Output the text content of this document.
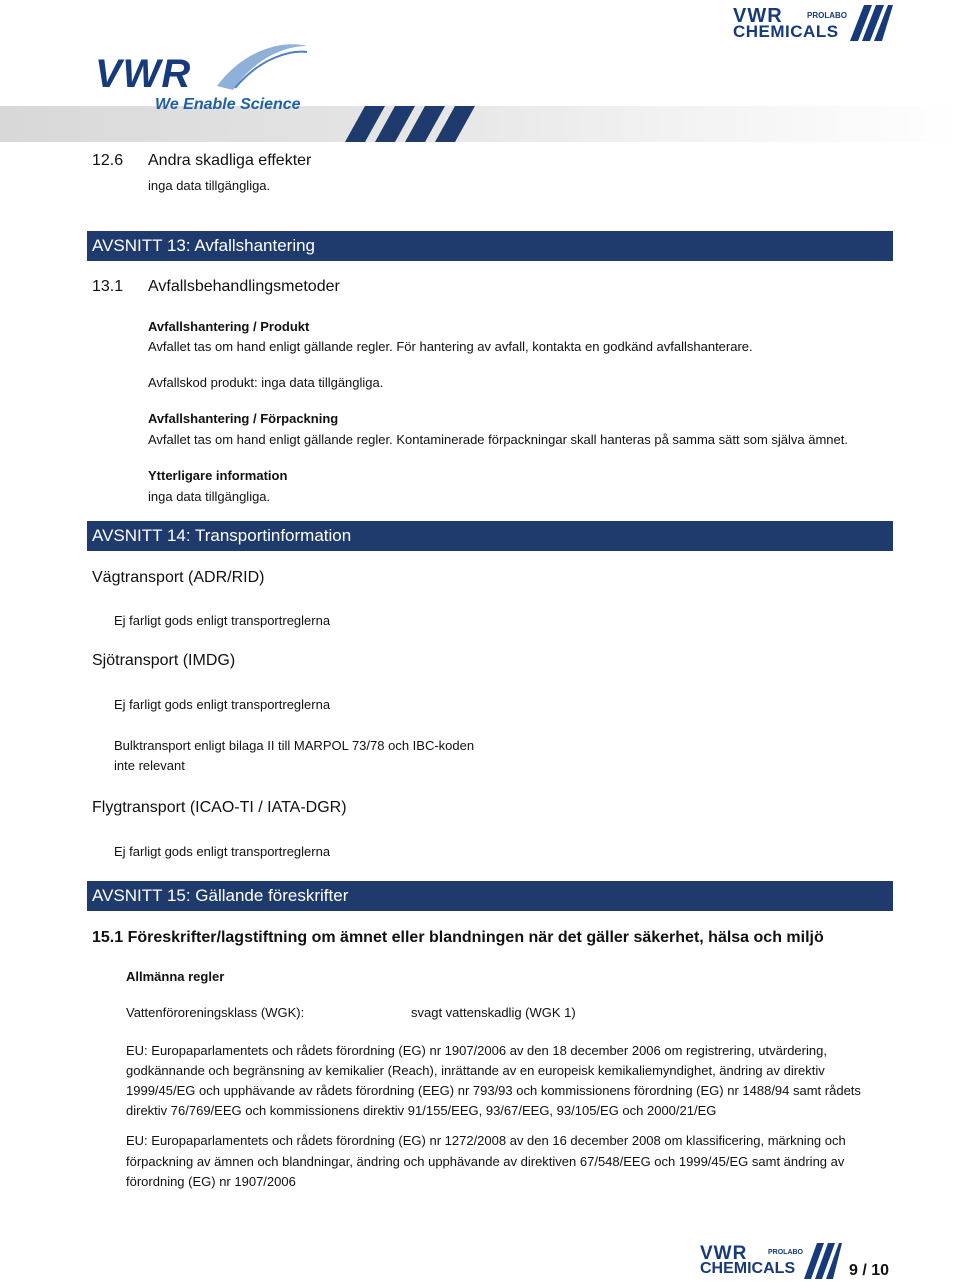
VWR
We Enable Science
VWR	PROLABO
CHEMICALS
12.6 Andra skadliga effekter
inga data tillgängliga.
AVSNITT 13: Avfallshantering
13.1 Avfallsbehandlingsmetoder
Avfallshantering / Produkt
Avfallet tas om hand enligt gällande regler. För hantering av avfall, kontakta en godkänd avfallshanterare.
Avfallskod produkt: inga data tillgängliga.
Avfallshantering / Förpackning
Avfallet tas om hand enligt gällande regler. Kontaminerade förpackningar skall hanteras på samma sätt som själva ämnet.
Ytterligare information
inga data tillgängliga.
AVSNITT 14: Transportinformation
Vägtransport (ADR/RID)
Ej farligt gods enligt transportreglerna
Sjötransport (IMDG)
Ej farligt gods enligt transportreglerna
Bulktransport enligt bilaga II till MARPOL 73/78 och IBC-koden
inte relevant
Flygtransport (ICAO-TI / IATA-DGR)
Ej farligt gods enligt transportreglerna
AVSNITT 15: Gällande föreskrifter
15.1 Föreskrifter/lagstiftning om ämnet eller blandningen när det gäller säkerhet, hälsa och miljö
Allmänna regler
Vattenföroreningsklass (WGK):	svagt vattenskadlig (WGK 1)
EU: Europaparlamentets och rådets förordning (EG) nr 1907/2006 av den 18 december 2006 om registrering, utvärdering,
godkännande och begränsning av kemikalier (Reach), inrättande av en europeisk kemikaliemyndighet, ändring av direktiv
1999/45/EG och upphävande av rådets förordning (EEG) nr 793/93 och kommissionens förordning (EG) nr 1488/94 samt rådets
direktiv 76/769/EEG och kommissionens direktiv 91/155/EEG, 93/67/EEG, 93/105/EG och 2000/21/EG
EU: Europaparlamentets och rådets förordning (EG) nr 1272/2008 av den 16 december 2008 om klassificering, märkning och
förpackning av ämnen och blandningar, ändring och upphävande av direktiven 67/548/EEG och 1999/45/EG samt ändring av
förordning (EG) nr 1907/2006
VWR	PROLABO
CHEMICALS	9 / 10
